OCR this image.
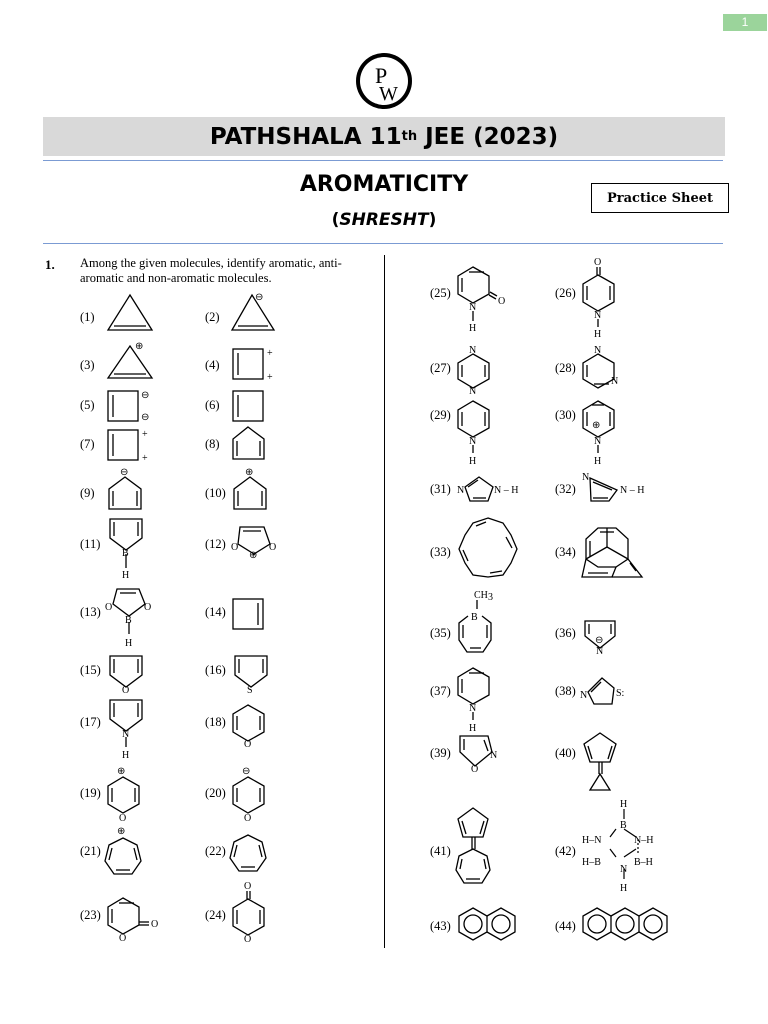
1
P
W
PATHSHALA 11 th JEE (2023)
AROMATICITY
(SHRESHT)
Practice Sheet
1. Among the given molecules, identify aromatic, anti-aromatic and non-aromatic molecules.
(1)	(2)
(3)	(4)
(5)	(6)
(7)	(8)
(9)	(10)
(11)	(12)
(13)	(14)
(15)	(16)
(17)	(18)
(19)	(20)
(21)	(22)
(23)	(24)
(25)	(26)
(27)	(28)
(29)	(30)
(31)	(32)
(33)	(34)
(35)	(36)
(37)	(38)
(39)	(40)
(41)	(42)
(43)	(44)
⊖
⊕
+
+
⊖
⊖
+
+
⊖	⊕
B
H
O	O
⊕
O	O
B
H
O	S
N
H
O
⊕
O
⊖
O
⊕
O
O
O
O
N
O
H
O
N
H
N
N
N
N
N
H
⊕
N
H
N	N – H
N
N – H
CH 3
B
N
⊖
N
H
N	S:
N
O
H
B
H–N	N–H
H–B	B–H
N
H
